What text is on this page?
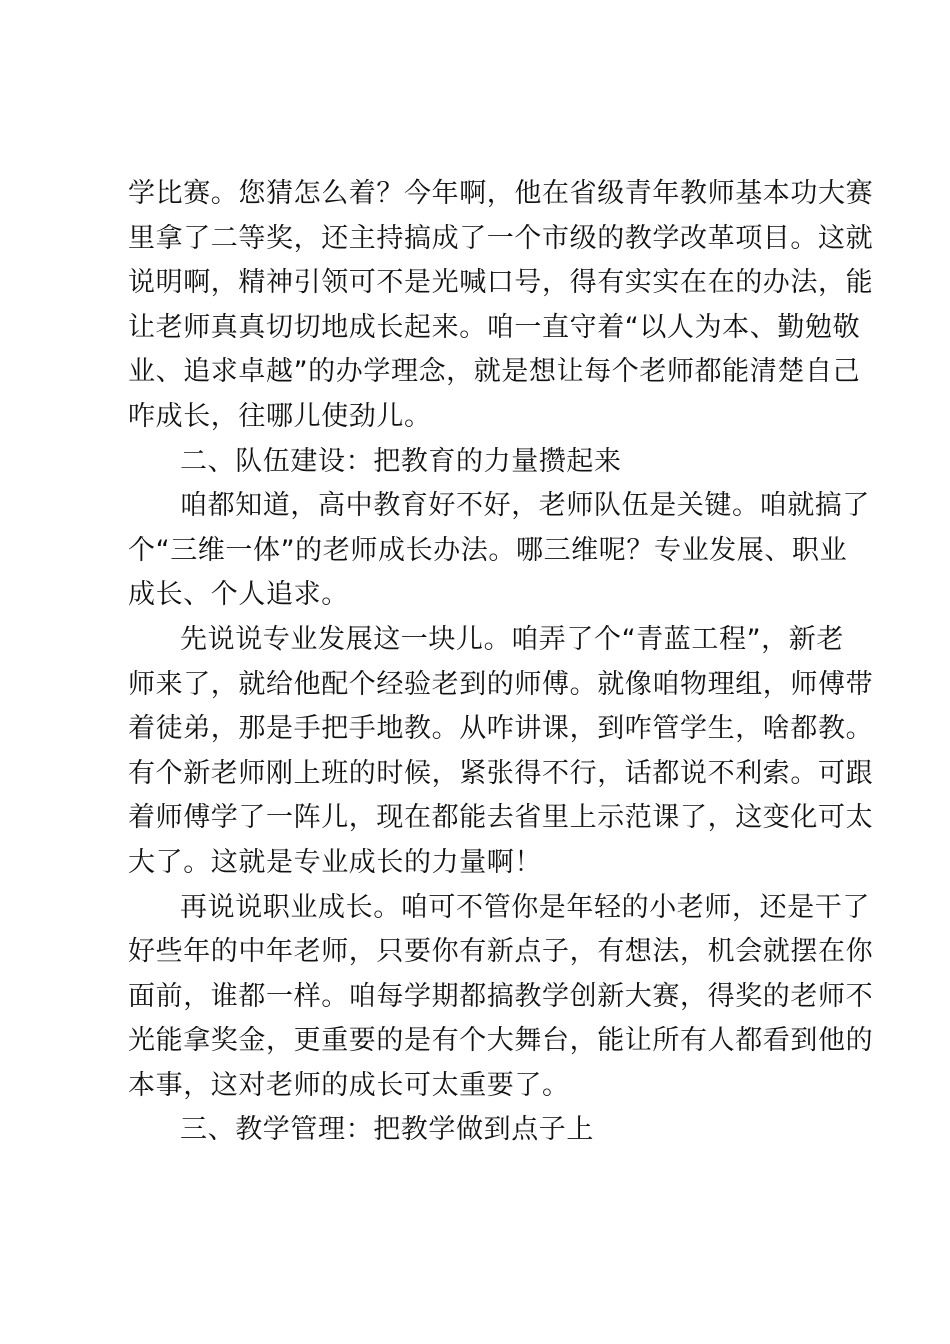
学比赛。您猜怎么着？今年啊，他在省级青年教师基本功大赛
里拿了二等奖，还主持搞成了一个市级的教学改革项目。这就
说明啊，精神引领可不是光喊口号，得有实实在在的办法，能
让老师真真切切地成长起来。咱一直守着“以人为本、勤勉敬
业、追求卓越”的办学理念，就是想让每个老师都能清楚自己
咋成长，往哪儿使劲儿。
二、队伍建设：把教育的力量攒起来
咱都知道，高中教育好不好，老师队伍是关键。咱就搞了
个“三维一体”的老师成长办法。哪三维呢？专业发展、职业
成长、个人追求。
先说说专业发展这一块儿。咱弄了个“青蓝工程”，新老
师来了，就给他配个经验老到的师傅。就像咱物理组，师傅带
着徒弟，那是手把手地教。从咋讲课，到咋管学生，啥都教。
有个新老师刚上班的时候，紧张得不行，话都说不利索。可跟
着师傅学了一阵儿，现在都能去省里上示范课了，这变化可太
大了。这就是专业成长的力量啊！
再说说职业成长。咱可不管你是年轻的小老师，还是干了
好些年的中年老师，只要你有新点子，有想法，机会就摆在你
面前，谁都一样。咱每学期都搞教学创新大赛，得奖的老师不
光能拿奖金，更重要的是有个大舞台，能让所有人都看到他的
本事，这对老师的成长可太重要了。
三、教学管理：把教学做到点子上
